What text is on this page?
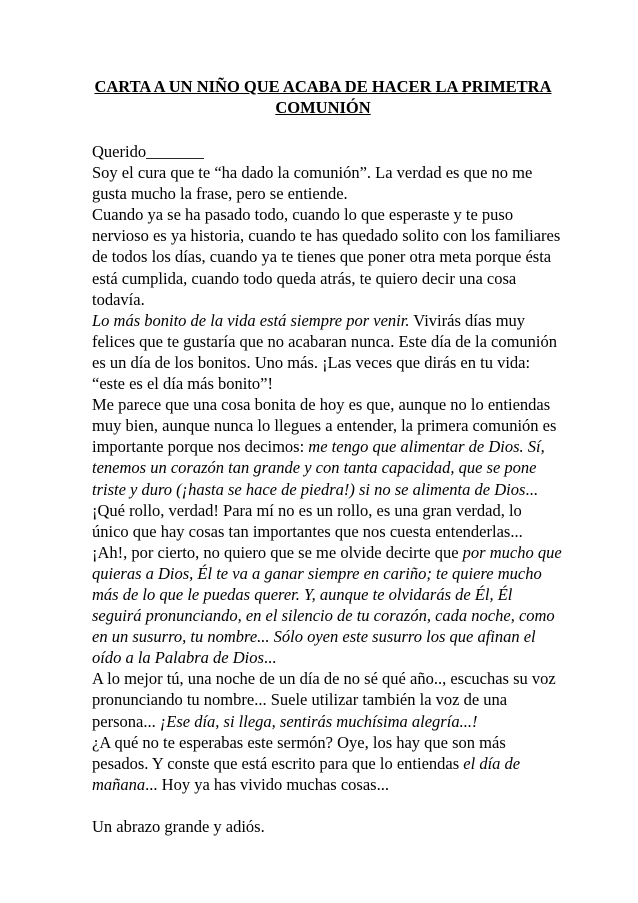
CARTA A UN NIÑO QUE ACABA DE HACER LA PRIMETRA COMUNIÓN

Querido_______

Soy el cura que te “ha dado la comunión”. La verdad es que no me gusta mucho la frase, pero se entiende.

Cuando ya se ha pasado todo, cuando lo que esperaste y te puso nervioso es ya historia, cuando te has quedado solito con los familiares de todos los días, cuando ya te tienes que poner otra meta porque ésta está cumplida, cuando todo queda atrás, te quiero decir una cosa todavía.

Lo más bonito de la vida está siempre por venir. Vivirás días muy felices que te gustaría que no acabaran nunca. Este día de la comunión es un día de los bonitos. Uno más. ¡Las veces que dirás en tu vida: “este es el día más bonito”!

Me parece que una cosa bonita de hoy es que, aunque no lo entiendas muy bien, aunque nunca lo llegues a entender, la primera comunión es importante porque nos decimos: me tengo que alimentar de Dios. Sí, tenemos un corazón tan grande y con tanta capacidad, que se pone triste y duro (¡hasta se hace de piedra!) si no se alimenta de Dios...

¡Qué rollo, verdad! Para mí no es un rollo, es una gran verdad, lo único que hay cosas tan importantes que nos cuesta entenderlas...

¡Ah!, por cierto, no quiero que se me olvide decirte que por mucho que quieras a Dios, Él te va a ganar siempre en cariño; te quiere mucho más de lo que le puedas querer. Y, aunque te olvidarás de Él, Él seguirá pronunciando, en el silencio de tu corazón, cada noche, como en un susurro, tu nombre... Sólo oyen este susurro los que afinan el oído a la Palabra de Dios...

A lo mejor tú, una noche de un día de no sé qué año.., escuchas su voz pronunciando tu nombre... Suele utilizar también la voz de una persona... ¡Ese día, si llega, sentirás muchísima alegría...!

¿A qué no te esperabas este sermón? Oye, los hay que son más pesados. Y conste que está escrito para que lo entiendas el día de mañana... Hoy ya has vivido muchas cosas...

Un abrazo grande y adiós.
